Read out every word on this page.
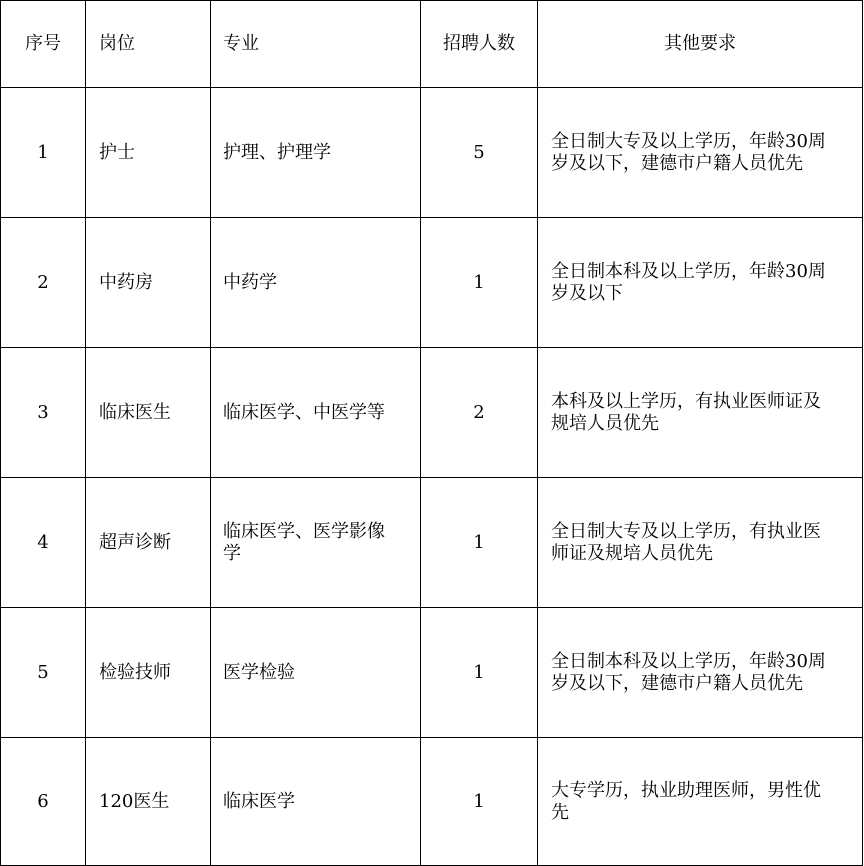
序号	岗位	专业	招聘人数	其他要求
1	护士	护理、护理学	5	全日制大专及以上学历，年龄30周
岁及以下，建德市户籍人员优先

2	中药房	中药学	1	全日制本科及以上学历，年龄30周
岁及以下

3	临床医生	临床医学、中医学等	2	本科及以上学历，有执业医师证及
规培人员优先

4	超声诊断	临床医学、医学影像
学	1	全日制大专及以上学历，有执业医
师证及规培人员优先

5	检验技师	医学检验	1	全日制本科及以上学历，年龄30周
岁及以下，建德市户籍人员优先

6	120医生	临床医学	1	大专学历，执业助理医师，男性优
先
